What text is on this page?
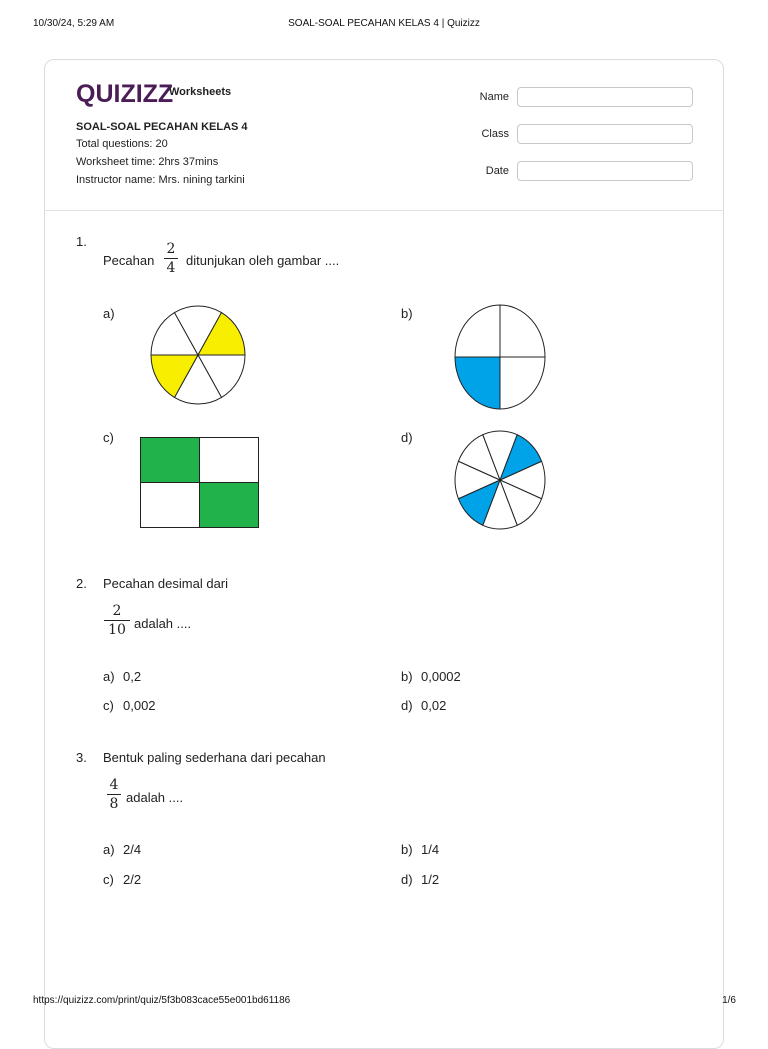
10/30/24, 5:29 AM	SOAL-SOAL PECAHAN KELAS 4 | Quizizz
QUIZIZZ
Worksheets
SOAL-SOAL PECAHAN KELAS 4
Total questions: 20
Worksheet time: 2hrs 37mins
Instructor name: Mrs. nining tarkini
Name
Class
Date
1.
Pecahan
2
4 ditunjukan oleh gambar ....
a)	b)
c)	d)
2. Pecahan desimal dari
2
10 adalah ....
a) 0,2	b) 0,0002
c) 0,002	d) 0,02
3. Bentuk paling sederhana dari pecahan
4
8 adalah ....
a) 2/4	b) 1/4
c) 2/2	d) 1/2
https://quizizz.com/print/quiz/5f3b083cace55e001bd61186	1/6
